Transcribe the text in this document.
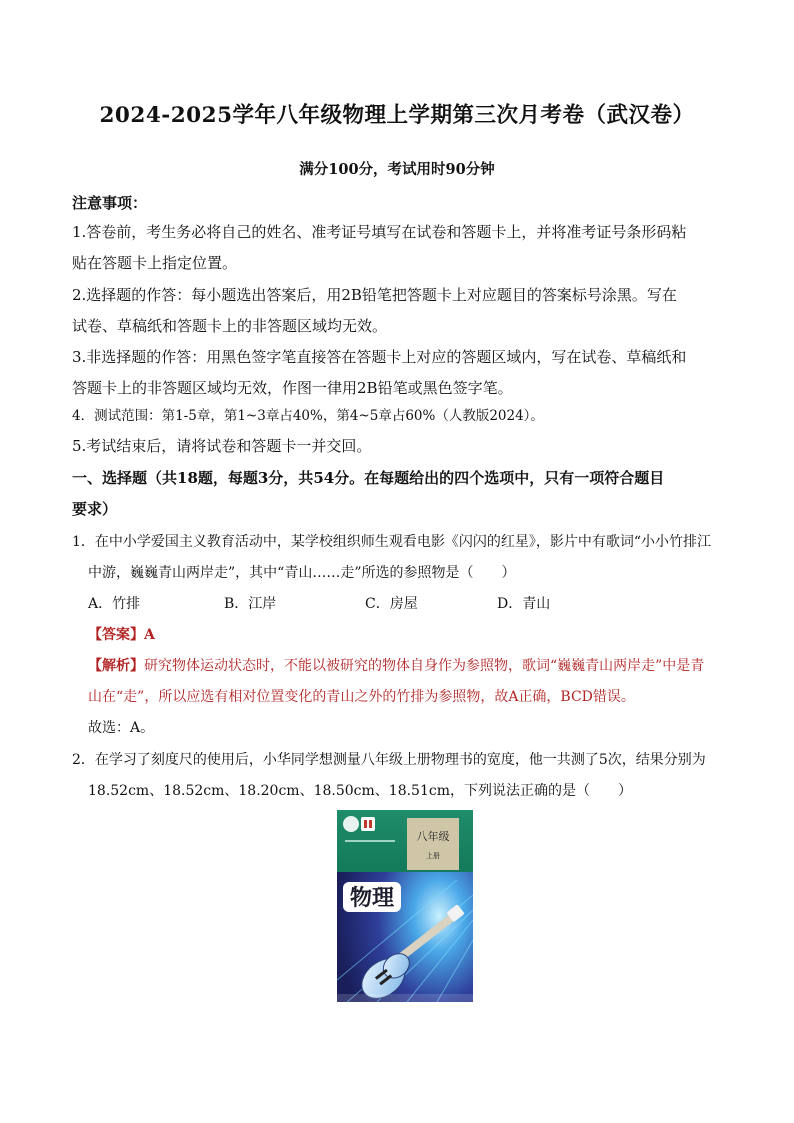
2024-2025学年八年级物理上学期第三次月考卷（武汉卷）
满分100分，考试用时90分钟
注意事项：
1.答卷前，考生务必将自己的姓名、准考证号填写在试卷和答题卡上，并将准考证号条形码粘
贴在答题卡上指定位置。
2.选择题的作答：每小题选出答案后，用2B铅笔把答题卡上对应题目的答案标号涂黑。写在
试卷、草稿纸和答题卡上的非答题区域均无效。
3.非选择题的作答：用黑色签字笔直接答在答题卡上对应的答题区域内，写在试卷、草稿纸和
答题卡上的非答题区域均无效，作图一律用2B铅笔或黑色签字笔。
4．测试范围：第1-5章，第1~3章占40%，第4~5章占60%（人教版2024）。
5.考试结束后，请将试卷和答题卡一并交回。
一、选择题（共18题，每题3分，共54分。在每题给出的四个选项中，只有一项符合题目
要求）
1．在中小学爱国主义教育活动中，某学校组织师生观看电影《闪闪的红星》，影片中有歌词“小小竹排江
中游，巍巍青山两岸走”，其中“青山……走”所选的参照物是（　　）
A．竹排	B．江岸	C．房屋	D．青山
【答案】A
【解析】研究物体运动状态时，不能以被研究的物体自身作为参照物，歌词“巍巍青山两岸走”中是青
山在“走”，所以应选有相对位置变化的青山之外的竹排为参照物，故A正确，BCD错误。
故选：A。
2．在学习了刻度尺的使用后，小华同学想测量八年级上册物理书的宽度，他一共测了5次，结果分别为
18.52cm、18.52cm、18.20cm、18.50cm、18.51cm，下列说法正确的是（　　）
八年级
上册
物理
